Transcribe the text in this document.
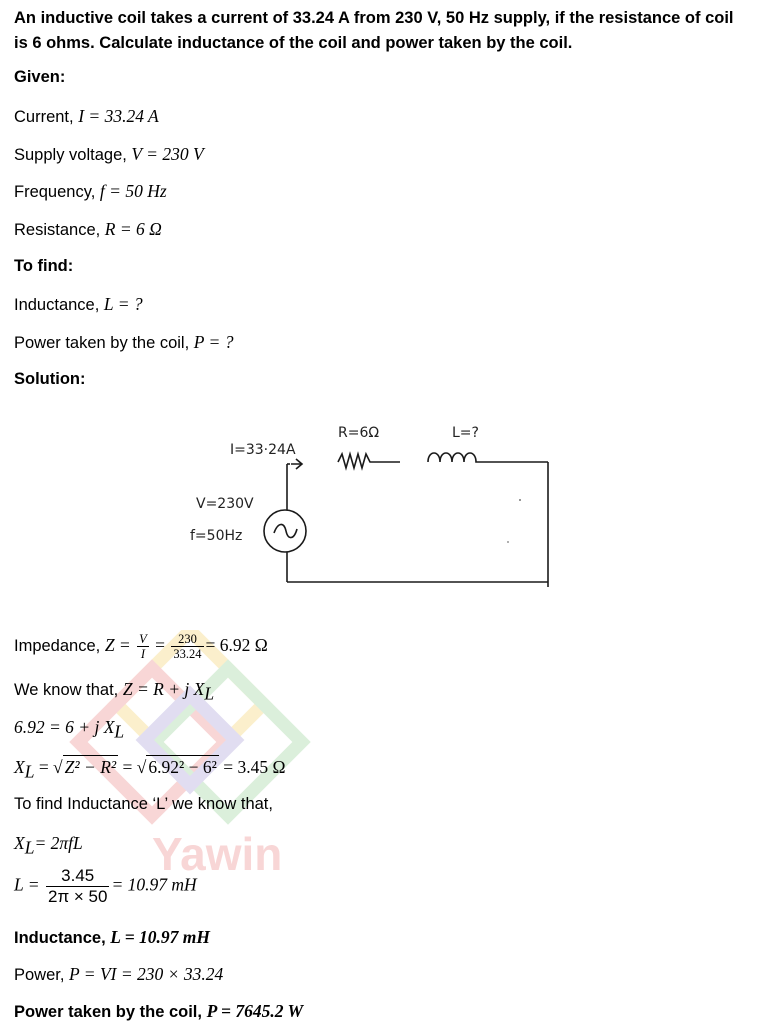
An inductive coil takes a current of 33.24 A from 230 V, 50 Hz supply, if the resistance of coil is 6 ohms. Calculate inductance of the coil and power taken by the coil.
Given:
Current, I = 33.24 A
Supply voltage, V = 230 V
Frequency, f = 50 Hz
Resistance, R = 6 Ω
To find:
Inductance, L = ?
Power taken by the coil, P = ?
Solution:
I=33·24A
R=6Ω	L=?
V=230V
f=50Hz
Yawin
Impedance, $Z = \frac{V}{I} = \frac{230}{33.24} = 6.92$ Ω
We know that, Z = R + j $X_L$
6.92 = 6 + j $X_L$
$X_L$ = √ Z² − R² = √ 6.92² − 6² = 3.45 Ω
To find Inductance ‘L’ we know that,
$X_L= 2\pi fL$
$L = \frac{3.45}{2\pi \times 50} = 10.97$ mH
Inductance, L = 10.97 mH
Power, P = VI = 230 × 33.24
Power taken by the coil, P = 7645.2 W
